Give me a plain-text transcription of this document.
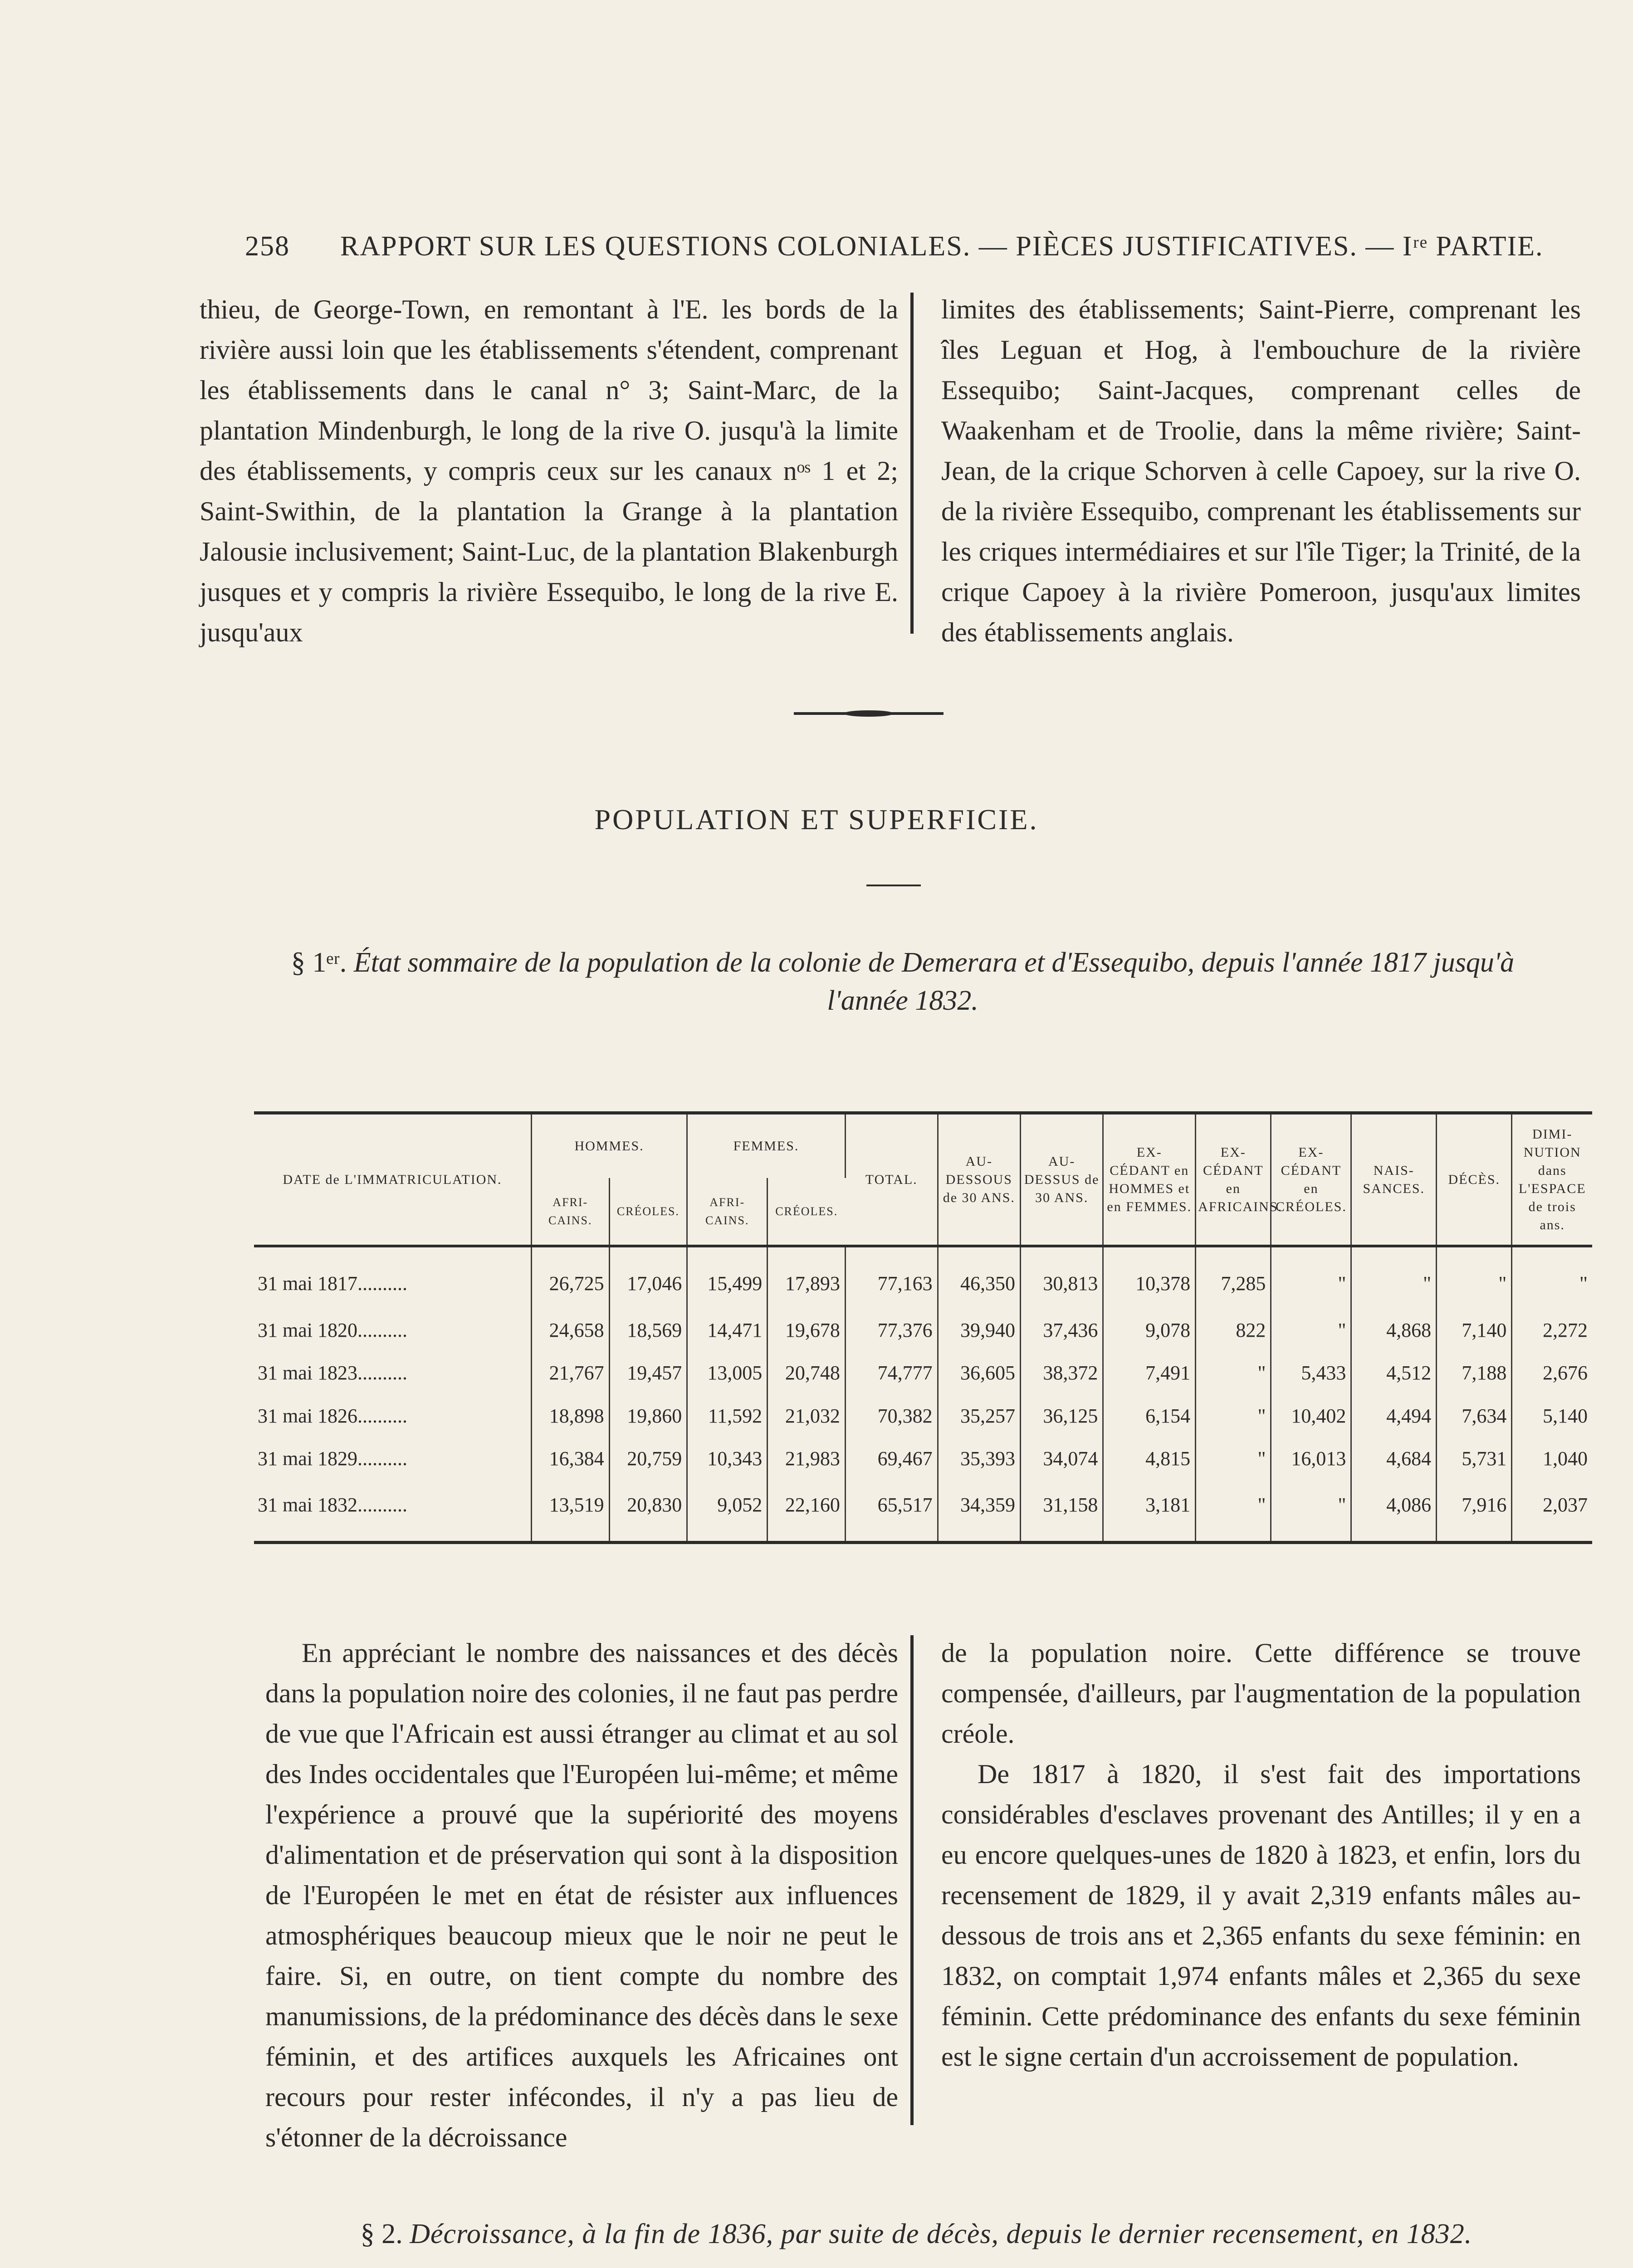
258 RAPPORT SUR LES QUESTIONS COLONIALES. — PIÈCES JUSTIFICATIVES. — Iʳᵉ PARTIE.

thieu, de George-Town, en remontant à l'E. les bords de la rivière aussi loin que les établissements s'étendent, comprenant les établissements dans le canal n° 3; Saint-Marc, de la plantation Mindenburgh, le long de la rive O. jusqu'à la limite des établissements, y compris ceux sur les canaux nᵒˢ 1 et 2; Saint-Swithin, de la plantation la Grange à la plantation Jalousie inclusivement; Saint-Luc, de la plantation Blakenburgh jusques et y compris la rivière Essequibo, le long de la rive E. jusqu'aux

limites des établissements; Saint-Pierre, comprenant les îles Leguan et Hog, à l'embouchure de la rivière Essequibo; Saint-Jacques, comprenant celles de Waakenham et de Troolie, dans la même rivière; Saint-Jean, de la crique Schorven à celle Capoey, sur la rive O. de la rivière Essequibo, comprenant les établissements sur les criques intermédiaires et sur l'île Tiger; la Trinité, de la crique Capoey à la rivière Pomeroon, jusqu'aux limites des établissements anglais.

POPULATION ET SUPERFICIE.
§ 1ᵉʳ. État sommaire de la population de la colonie de Demerara et d'Essequibo, depuis l'année 1817 jusqu'à l'année 1832.
DATE de L'IMMATRICULATION.	HOMMES.		FEMMES.		TOTAL.	AU- DESSOUS de 30 ANS.	AU- DESSUS de 30 ANS.	EX- CÉDANT en HOMMES et en FEMMES.	EX- CÉDANT en AFRICAINS.	EX- CÉDANT en CRÉOLES.	NAIS- SANCES.	DÉCÈS.	DIMI- NUTION dans L'ESPACE de trois ans.
	AFRI- CAINS.	CRÉOLES.	AFRI- CAINS.	CRÉOLES.									
31 mai 1817..........	26,725	17,046	15,499	17,893	77,163	46,350	30,813	10,378	7,285	"	"	"	"
31 mai 1820..........	24,658	18,569	14,471	19,678	77,376	39,940	37,436	9,078	822	"	4,868	7,140	2,272
31 mai 1823..........	21,767	19,457	13,005	20,748	74,777	36,605	38,372	7,491	"	5,433	4,512	7,188	2,676
31 mai 1826..........	18,898	19,860	11,592	21,032	70,382	35,257	36,125	6,154	"	10,402	4,494	7,634	5,140
31 mai 1829..........	16,384	20,759	10,343	21,983	69,467	35,393	34,074	4,815	"	16,013	4,684	5,731	1,040
31 mai 1832..........	13,519	20,830	9,052	22,160	65,517	34,359	31,158	3,181	"	"	4,086	7,916	2,037

En appréciant le nombre des naissances et des décès dans la population noire des colonies, il ne faut pas perdre de vue que l'Africain est aussi étranger au climat et au sol des Indes occidentales que l'Européen lui-même; et même l'expérience a prouvé que la supériorité des moyens d'alimentation et de préservation qui sont à la disposition de l'Européen le met en état de résister aux influences atmosphériques beaucoup mieux que le noir ne peut le faire. Si, en outre, on tient compte du nombre des manumissions, de la prédominance des décès dans le sexe féminin, et des artifices auxquels les Africaines ont recours pour rester infécondes, il n'y a pas lieu de s'étonner de la décroissance

de la population noire. Cette différence se trouve compensée, d'ailleurs, par l'augmentation de la population créole.

De 1817 à 1820, il s'est fait des importations considérables d'esclaves provenant des Antilles; il y en a eu encore quelques-unes de 1820 à 1823, et enfin, lors du recensement de 1829, il y avait 2,319 enfants mâles au-dessous de trois ans et 2,365 enfants du sexe féminin: en 1832, on comptait 1,974 enfants mâles et 2,365 du sexe féminin. Cette prédominance des enfants du sexe féminin est le signe certain d'un accroissement de population.

§ 2. Décroissance, à la fin de 1836, par suite de décès, depuis le dernier recensement, en 1832.
